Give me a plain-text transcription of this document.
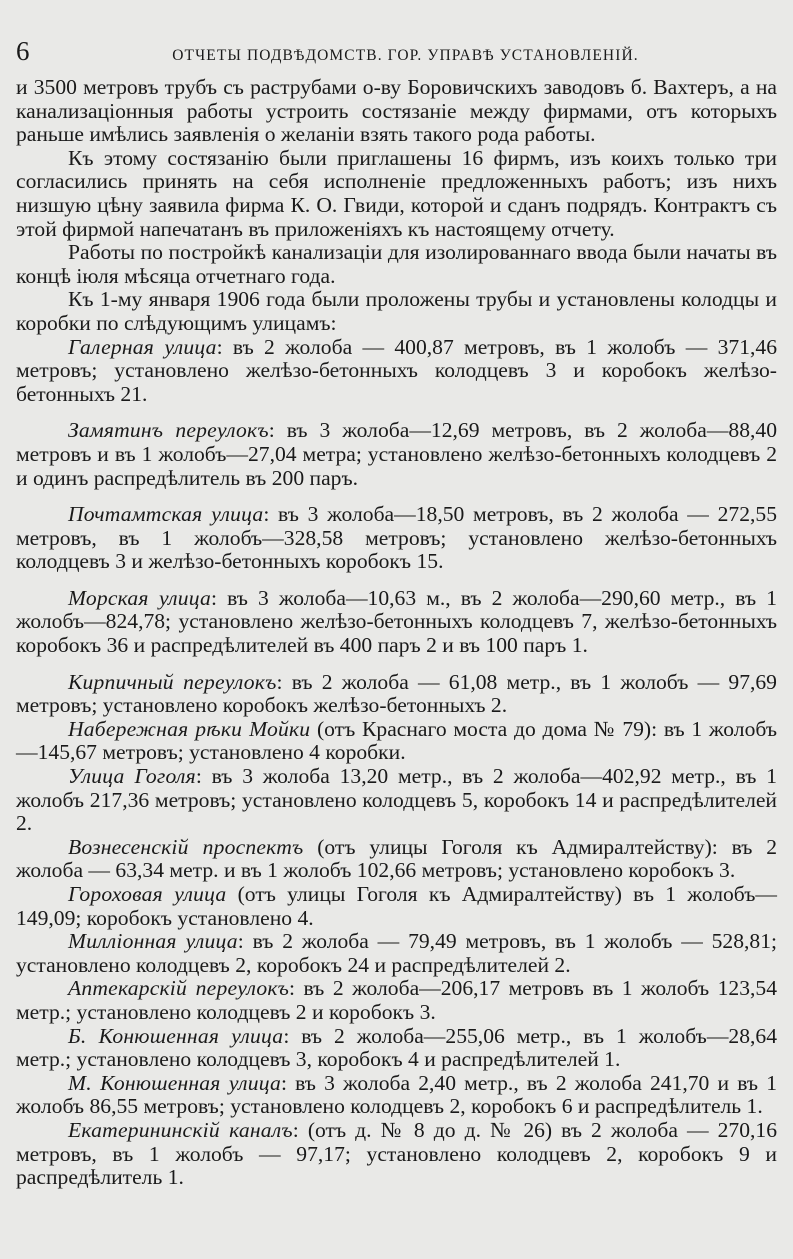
6	ОТЧЕТЫ ПОДВѢДОМСТВ. ГОР. УПРАВѢ УСТАНОВЛЕНІЙ.

и 3500 метровъ трубъ съ раструбами о-ву Боровичскихъ заводовъ б. Вахтеръ, а на канализаціонныя работы устроить состязаніе между фирмами, отъ которыхъ раньше имѣлись заявленія о желаніи взять такого рода работы.

Къ этому состязанію были приглашены 16 фирмъ, изъ коихъ только три согласились принять на себя исполненіе предложенныхъ работъ; изъ нихъ низшую цѣну заявила фирма К. О. Гвиди, которой и сданъ подрядъ. Контрактъ съ этой фирмой напечатанъ въ приложеніяхъ къ настоящему отчету.

Работы по постройкѣ канализаціи для изолированнаго ввода были начаты въ концѣ іюля мѣсяца отчетнаго года.

Къ 1-му января 1906 года были проложены трубы и установлены колодцы и коробки по слѣдующимъ улицамъ:

Галерная улица: въ 2 жолоба — 400,87 метровъ, въ 1 жолобъ — 371,46 метровъ; установлено желѣзо-бетонныхъ колодцевъ 3 и коробокъ желѣзо-бетонныхъ 21.

Замятинъ переулокъ: въ 3 жолоба—12,69 метровъ, въ 2 жолоба—88,40 метровъ и въ 1 жолобъ—27,04 метра; установлено желѣзо-бетонныхъ колодцевъ 2 и одинъ распредѣлитель въ 200 паръ.

Почтамтская улица: въ 3 жолоба—18,50 метровъ, въ 2 жолоба — 272,55 метровъ, въ 1 жолобъ—328,58 метровъ; установлено желѣзо-бетонныхъ колодцевъ 3 и желѣзо-бетонныхъ коробокъ 15.

Морская улица: въ 3 жолоба—10,63 м., въ 2 жолоба—290,60 метр., въ 1 жолобъ—824,78; установлено желѣзо-бетонныхъ колодцевъ 7, желѣзо-бетонныхъ коробокъ 36 и распредѣлителей въ 400 паръ 2 и въ 100 паръ 1.

Кирпичный переулокъ: въ 2 жолоба — 61,08 метр., въ 1 жолобъ — 97,69 метровъ; установлено коробокъ желѣзо-бетонныхъ 2.

Набережная рѣки Мойки (отъ Краснаго моста до дома № 79): въ 1 жолобъ—145,67 метровъ; установлено 4 коробки.

Улица Гоголя: въ 3 жолоба 13,20 метр., въ 2 жолоба—402,92 метр., въ 1 жолобъ 217,36 метровъ; установлено колодцевъ 5, коробокъ 14 и распредѣлителей 2.

Вознесенскій проспектъ (отъ улицы Гоголя къ Адмиралтейству): въ 2 жолоба — 63,34 метр. и въ 1 жолобъ 102,66 метровъ; установлено коробокъ 3.

Гороховая улица (отъ улицы Гоголя къ Адмиралтейству) въ 1 жолобъ—149,09; коробокъ установлено 4.

Милліонная улица: въ 2 жолоба — 79,49 метровъ, въ 1 жолобъ — 528,81; установлено колодцевъ 2, коробокъ 24 и распредѣлителей 2.

Аптекарскій переулокъ: въ 2 жолоба—206,17 метровъ въ 1 жолобъ 123,54 метр.; установлено колодцевъ 2 и коробокъ 3.

Б. Конюшенная улица: въ 2 жолоба—255,06 метр., въ 1 жолобъ—28,64 метр.; установлено колодцевъ 3, коробокъ 4 и распредѣлителей 1.

М. Конюшенная улица: въ 3 жолоба 2,40 метр., въ 2 жолоба 241,70 и въ 1 жолобъ 86,55 метровъ; установлено колодцевъ 2, коробокъ 6 и распредѣлитель 1.

Екатерининскій каналъ: (отъ д. № 8 до д. № 26) въ 2 жолоба — 270,16 метровъ, въ 1 жолобъ — 97,17; установлено колодцевъ 2, коробокъ 9 и распредѣлитель 1.
